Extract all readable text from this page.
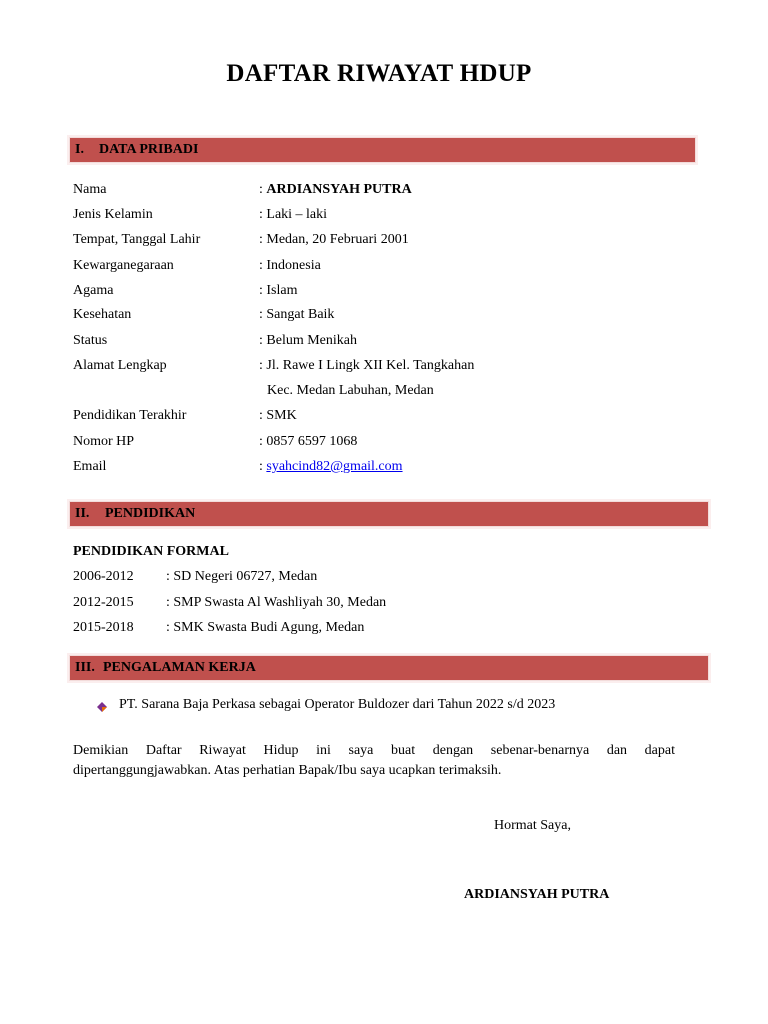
DAFTAR RIWAYAT HDUP
I. DATA PRIBADI
Nama	: ARDIANSYAH PUTRA
Jenis Kelamin	: Laki – laki
Tempat, Tanggal Lahir	: Medan, 20 Februari 2001
Kewarganegaraan	: Indonesia
Agama	: Islam
Kesehatan	: Sangat Baik
Status	: Belum Menikah
Alamat Lengkap	: Jl. Rawe I Lingk XII Kel. Tangkahan
Kec. Medan Labuhan, Medan
Pendidikan Terakhir	: SMK
Nomor HP	: 0857 6597 1068
Email	: syahcind82@gmail.com
II. PENDIDIKAN
PENDIDIKAN FORMAL
2006-2012 : SD Negeri 06727, Medan
2012-2015 : SMP Swasta Al Washliyah 30, Medan
2015-2018 : SMK Swasta Budi Agung, Medan
III. PENGALAMAN KERJA
PT. Sarana Baja Perkasa sebagai Operator Buldozer dari Tahun 2022 s/d 2023
Demikian Daftar Riwayat Hidup ini saya buat dengan sebenar-benarnya dan dapat dipertanggungjawabkan. Atas perhatian Bapak/Ibu saya ucapkan terimaksih.
Hormat Saya,
ARDIANSYAH PUTRA
